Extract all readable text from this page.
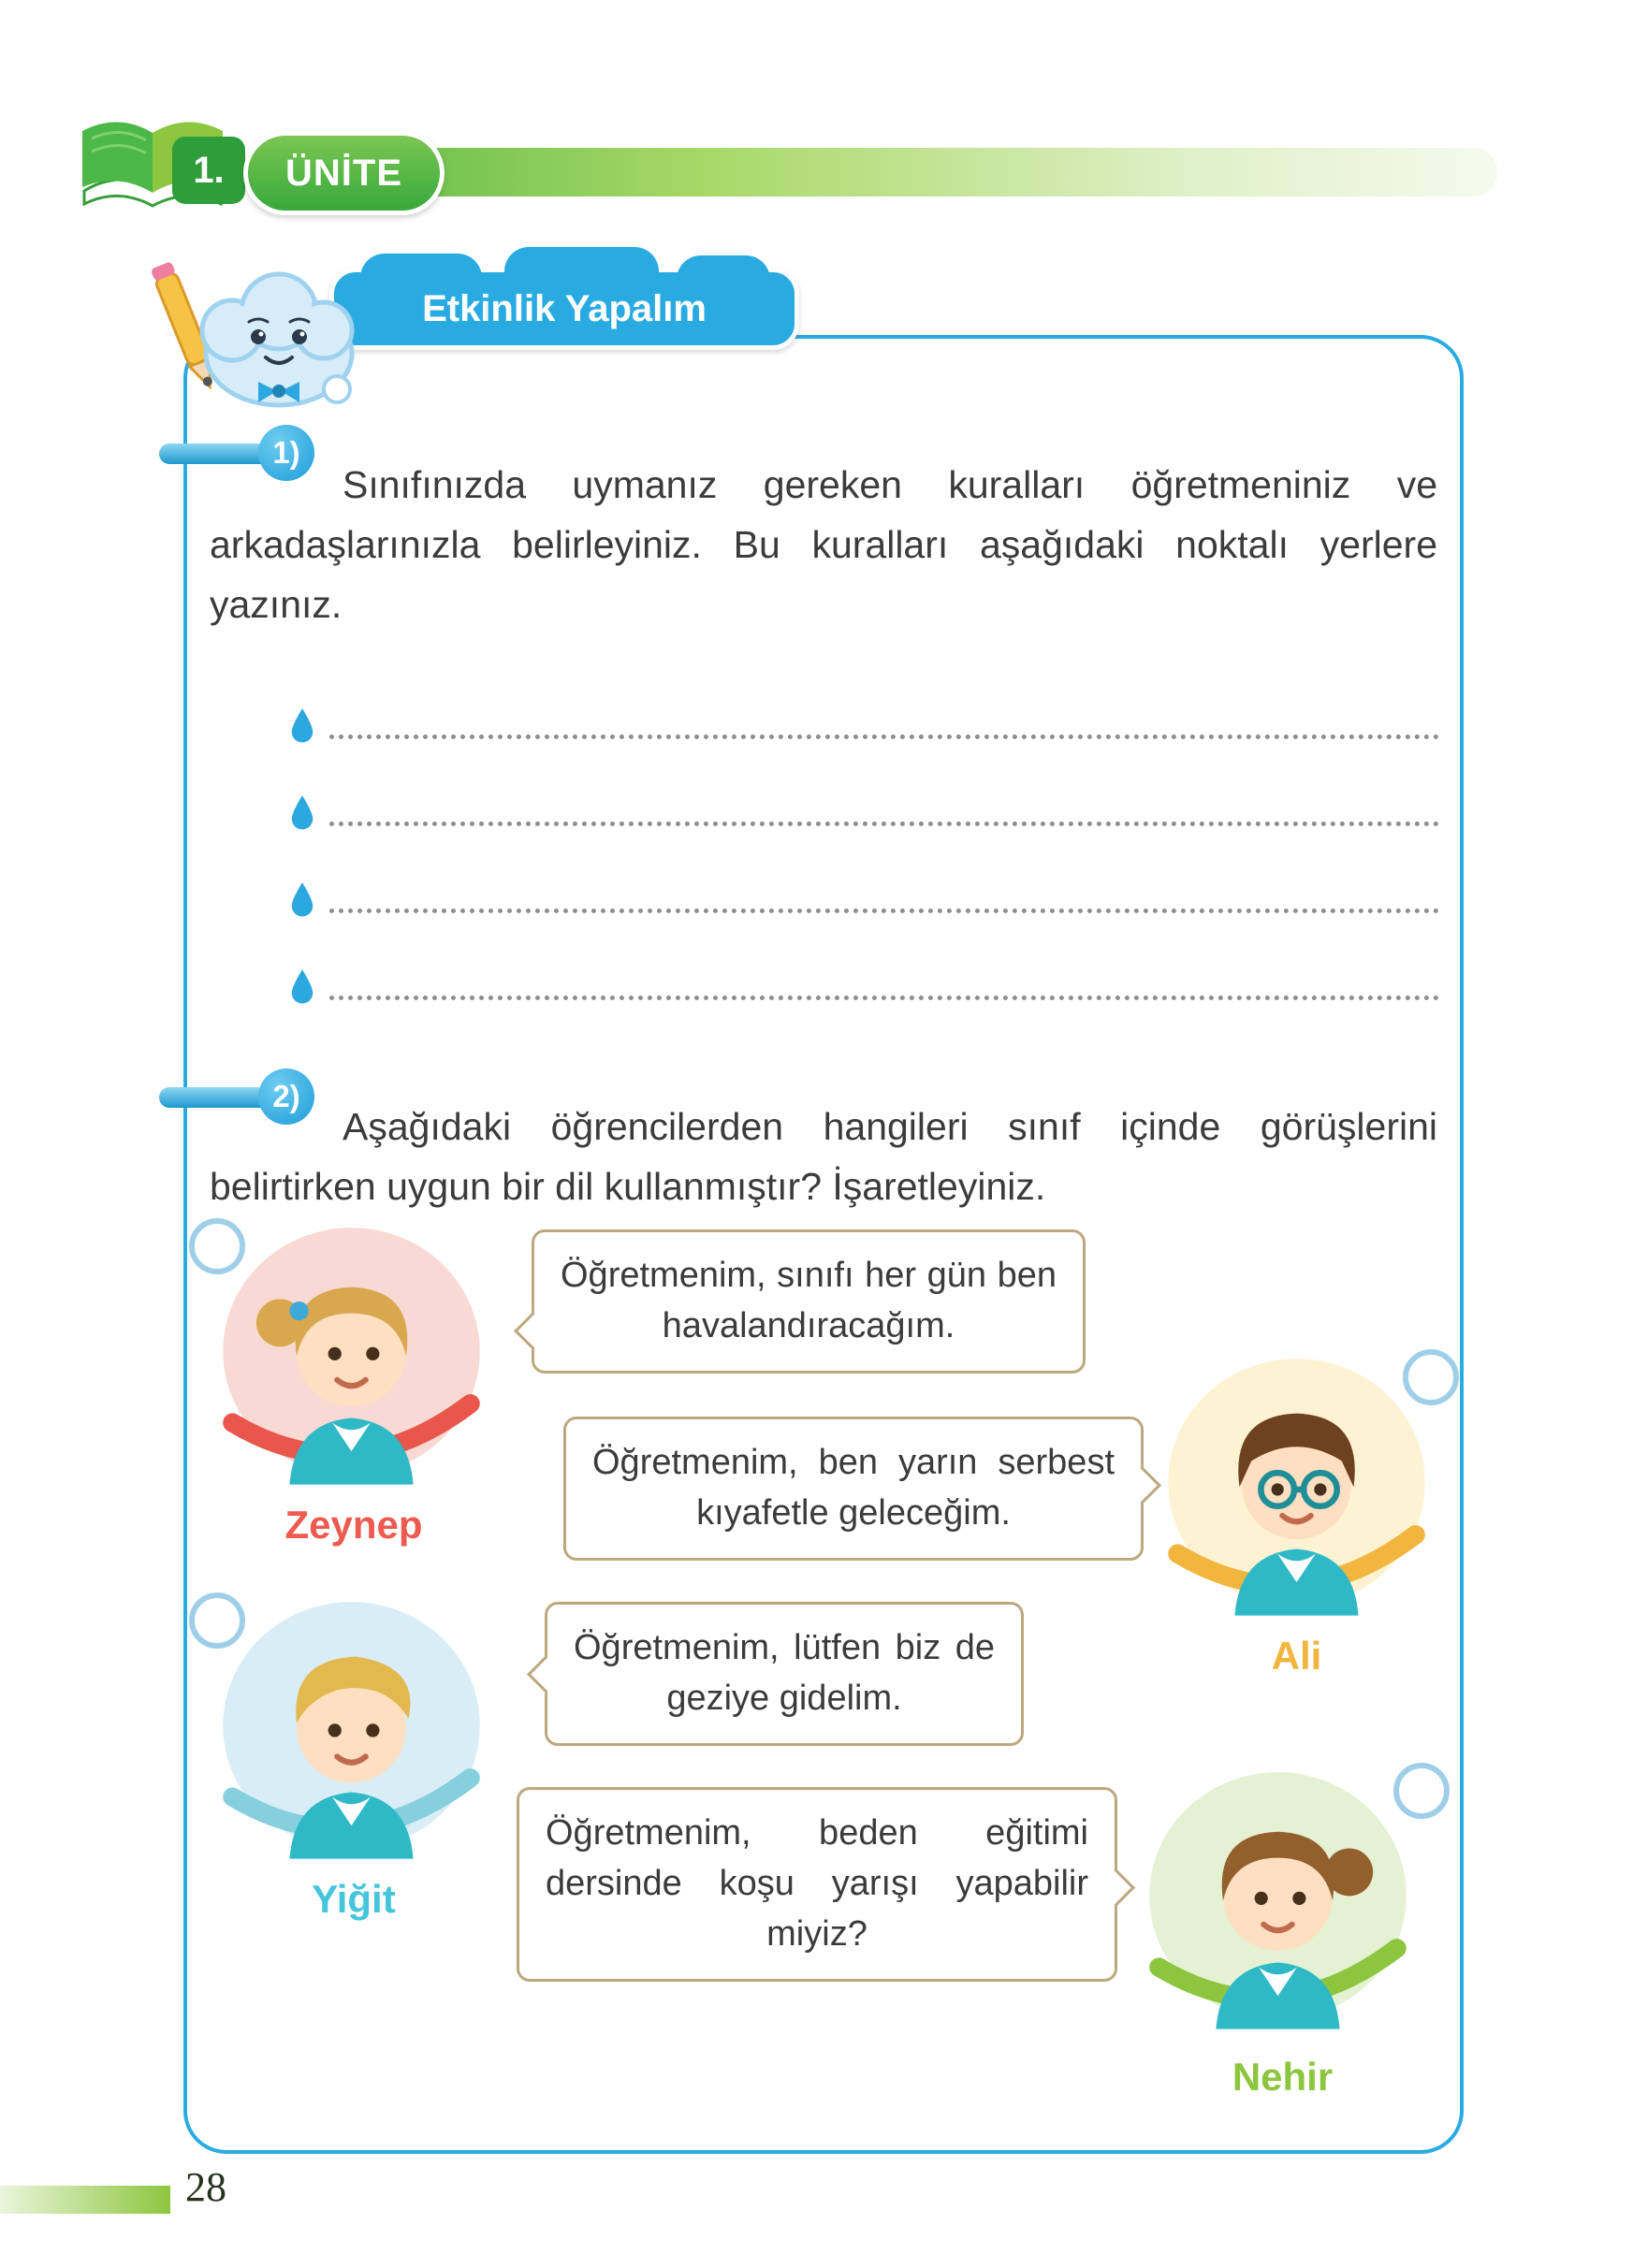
1.	ÜNİTE
Etkinlik Yapalım
1)

Sınıfınızda uymanız gereken kuralları öğretmeniniz ve arkadaşlarınızla belirleyiniz. Bu kuralları aşağıdaki noktalı yerlere yazınız.

2)

Aşağıdaki öğrencilerden hangileri sınıf içinde görüşlerini belirtirken uygun bir dil kullanmıştır? İşaretleyiniz.

Zeynep
Öğretmenim, sınıfı her gün ben havalandıracağım.
Ali
Öğretmenim, ben yarın serbest kıyafetle geleceğim.
Yiğit
Öğretmenim, lütfen biz de geziye gidelim.
Nehir
Öğretmenim, beden eğitimi dersinde koşu yarışı yapabilir miyiz?
28
